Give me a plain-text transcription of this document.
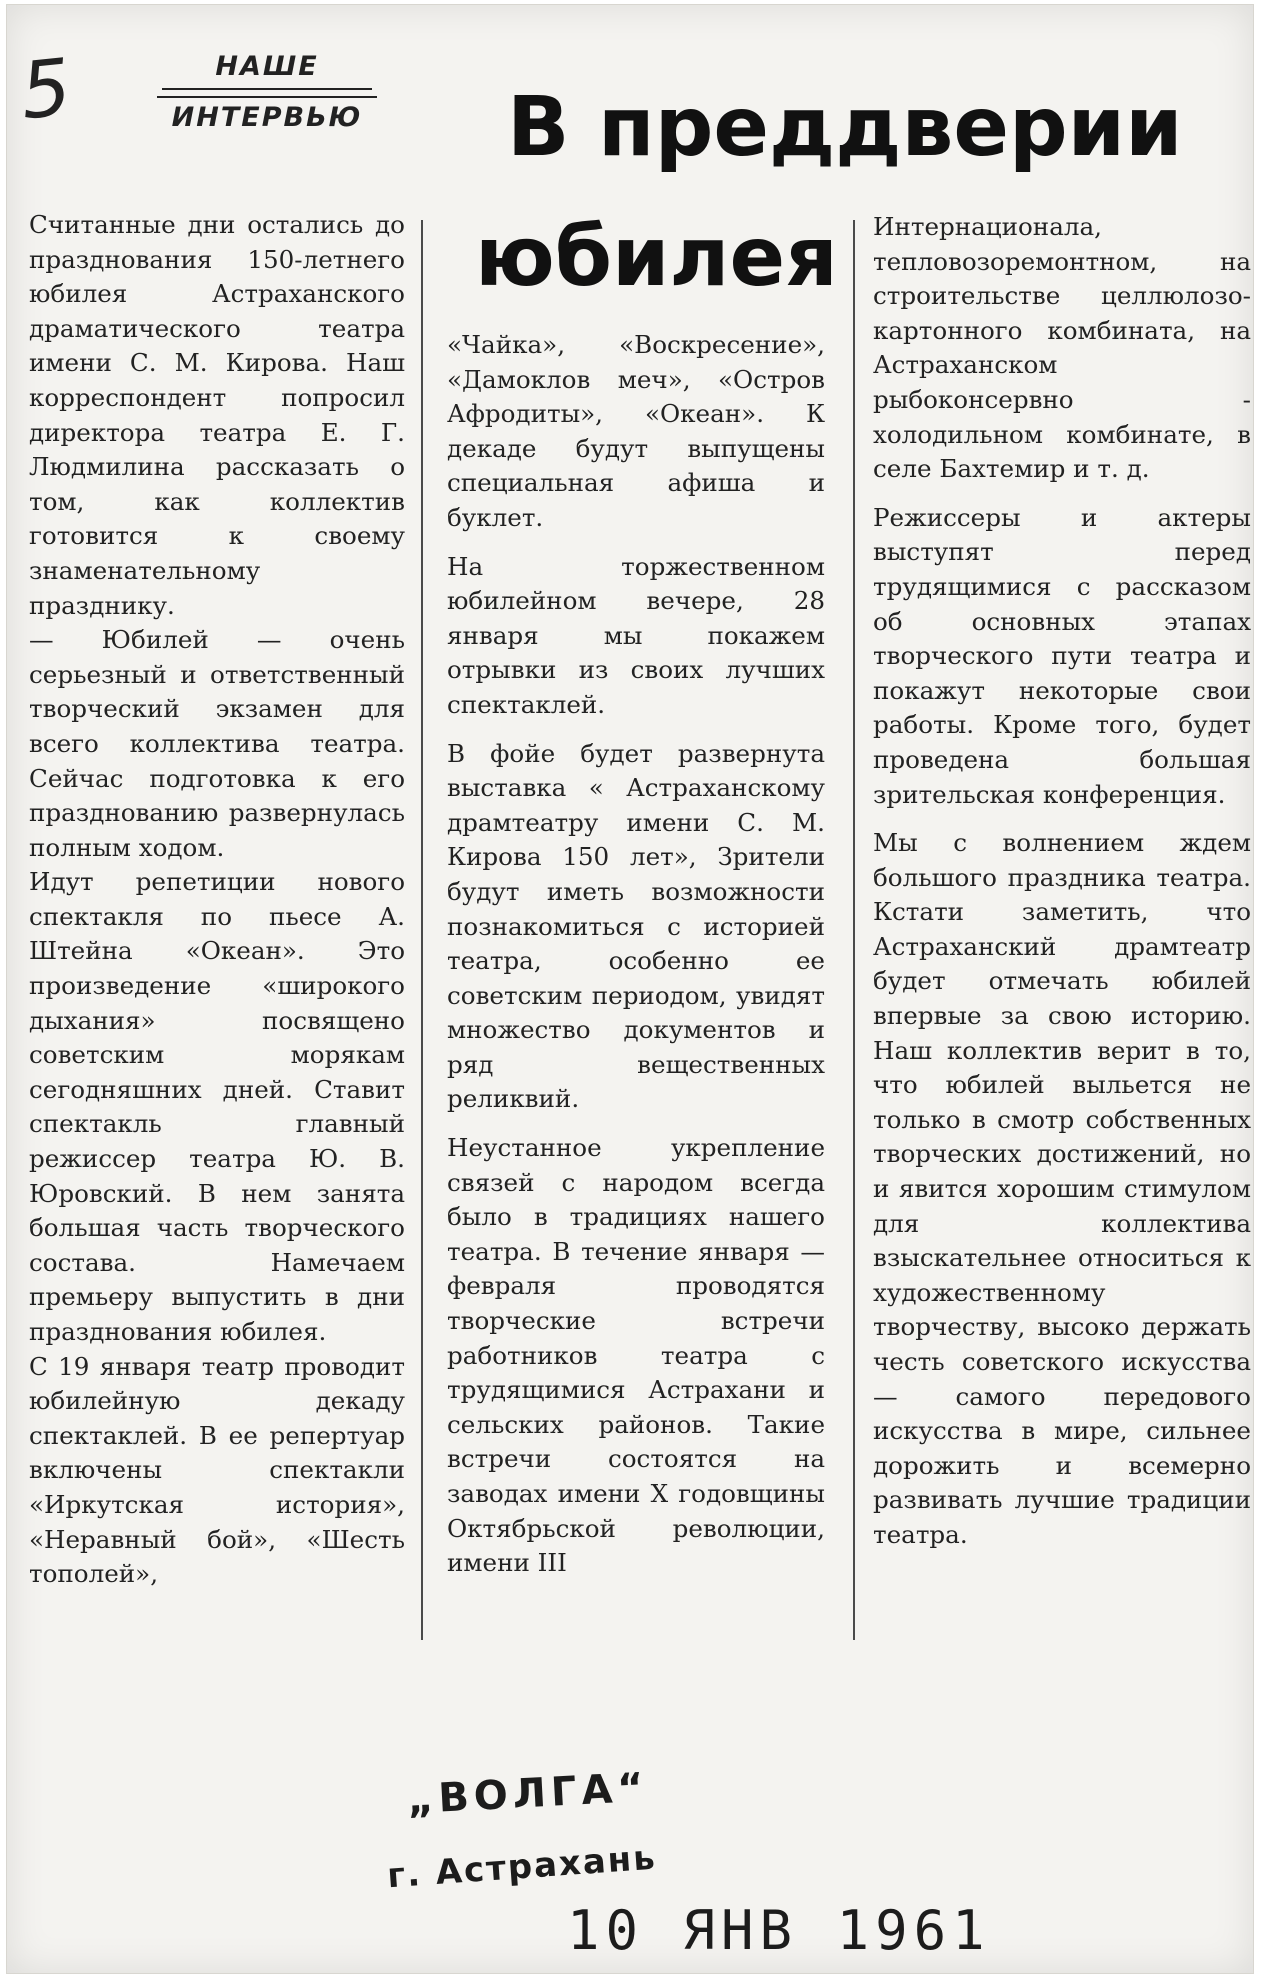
5	НАШЕ
ИНТЕРВЬЮ В преддверии
юбилея

Считанные дни остались до празднования 150-летнего юбилея Астраханского драматического театра имени С. М. Кирова. Наш корреспондент попросил директора театра Е. Г. Людмилина рассказать о том, как коллектив готовится к своему знаменательному празднику.

— Юбилей — очень серьезный и ответственный творческий экзамен для всего коллектива театра. Сейчас подготовка к его празднованию развернулась полным ходом.

Идут репетиции нового спектакля по пьесе А. Штейна «Океан». Это произведение «широкого дыхания» посвящено советским морякам сегодняшних дней. Ставит спектакль главный режиссер театра Ю. В. Юровский. В нем занята большая часть творческого состава. Намечаем премьеру выпустить в дни празднования юбилея.

С 19 января театр проводит юбилейную декаду спектаклей. В ее репертуар включены спектакли «Иркутская история», «Неравный бой», «Шесть тополей»,

«Чайка», «Воскресение», «Дамоклов меч», «Остров Афродиты», «Океан». К декаде будут выпущены специальная афиша и буклет.

На торжественном юбилейном вечере, 28 января мы покажем отрывки из своих лучших спектаклей.

В фойе будет развернута выставка « Астраханскому драмтеатру имени С. М. Кирова 150 лет», Зрители будут иметь возможности познакомиться с историей театра, особенно ее советским периодом, увидят множество документов и ряд вещественных реликвий.

Неустанное укрепление связей с народом всегда было в традициях нашего театра. В течение января — февраля проводятся творческие встречи работников театра с трудящимися Астрахани и сельских районов. Такие встречи состоятся на заводах имени X годовщины Октябрьской революции, имени III

Интернационала, тепловозоремонтном, на строительстве целлюлозо-картонного комбината, на Астраханском рыбоконсервно - холодильном комбинате, в селе Бахтемир и т. д.

Режиссеры и актеры выступят перед трудящимися с рассказом об основных этапах творческого пути театра и покажут некоторые свои работы. Кроме того, будет проведена большая зрительская конференция.

Мы с волнением ждем большого праздника театра. Кстати заметить, что Астраханский драмтеатр будет отмечать юбилей впервые за свою историю. Наш коллектив верит в то, что юбилей выльется не только в смотр собственных творческих достижений, но и явится хорошим стимулом для коллектива взыскательнее относиться к художественному творчеству, высоко держать честь советского искусства — самого передового искусства в мире, сильнее дорожить и всемерно развивать лучшие традиции театра.

„ВОЛГА“
г. Астрахань
10 ЯНВ 1961
